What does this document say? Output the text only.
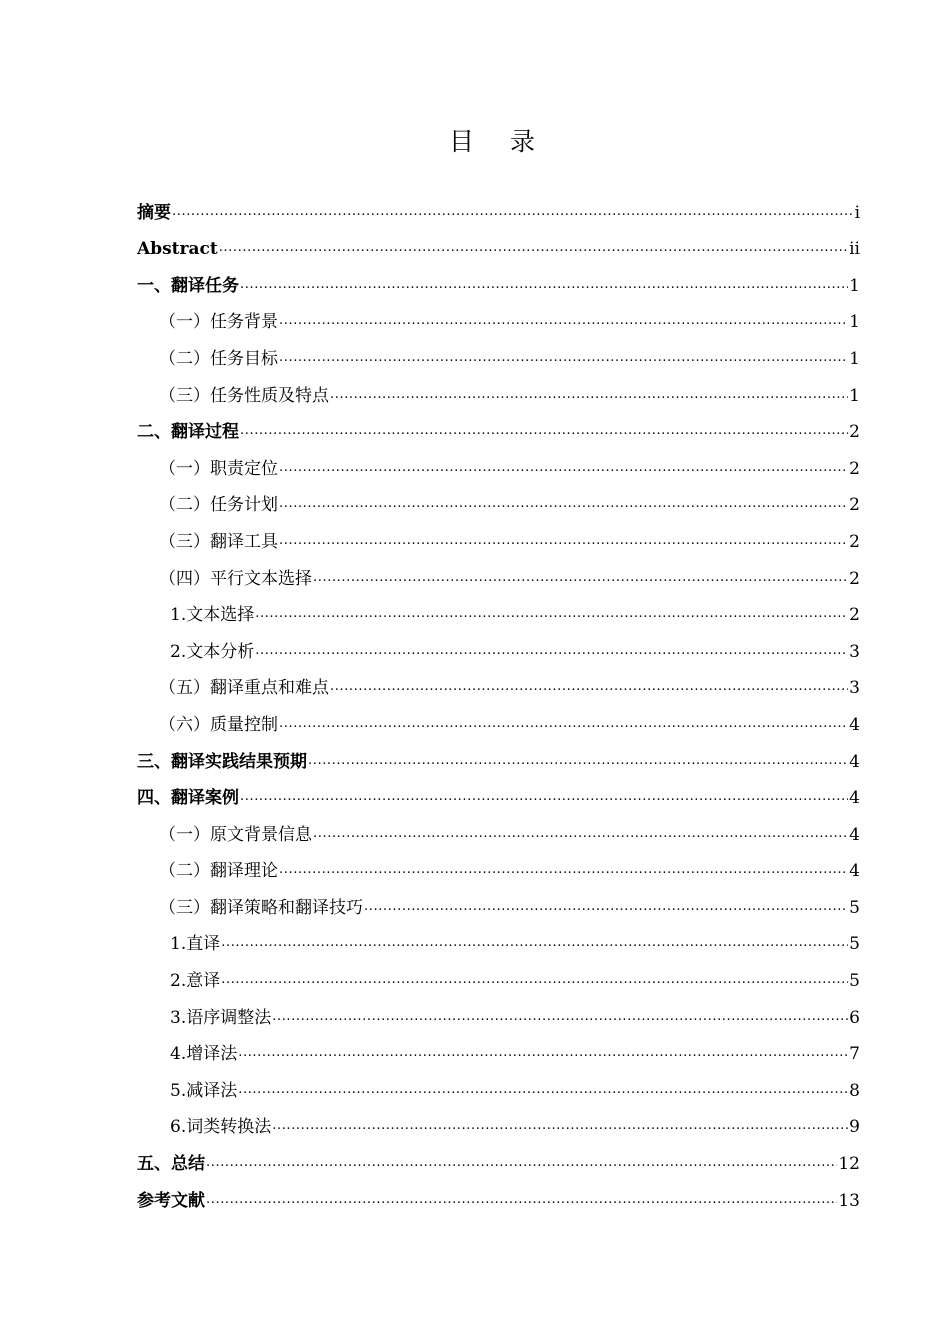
目 录
摘要 .....	i
Abstract .....	ii
一、翻译任务 .....	1
（一）任务背景 .....	1
（二）任务目标 .....	1
（三）任务性质及特点 .....	1
二、翻译过程 .....	2
（一）职责定位 .....	2
（二）任务计划 .....	2
（三）翻译工具 .....	2
（四）平行文本选择 .....	2
1.文本选择 .....	2
2.文本分析 .....	3
（五）翻译重点和难点 .....	3
（六）质量控制 .....	4
三、翻译实践结果预期 .....	4
四、翻译案例 .....	4
（一）原文背景信息 .....	4
（二）翻译理论 .....	4
（三）翻译策略和翻译技巧 .....	5
1.直译 .....	5
2.意译 .....	5
3.语序调整法 .....	6
4.增译法 .....	7
5.减译法 .....	8
6.词类转换法 .....	9
五、总结 .....	12
参考文献 .....	13
